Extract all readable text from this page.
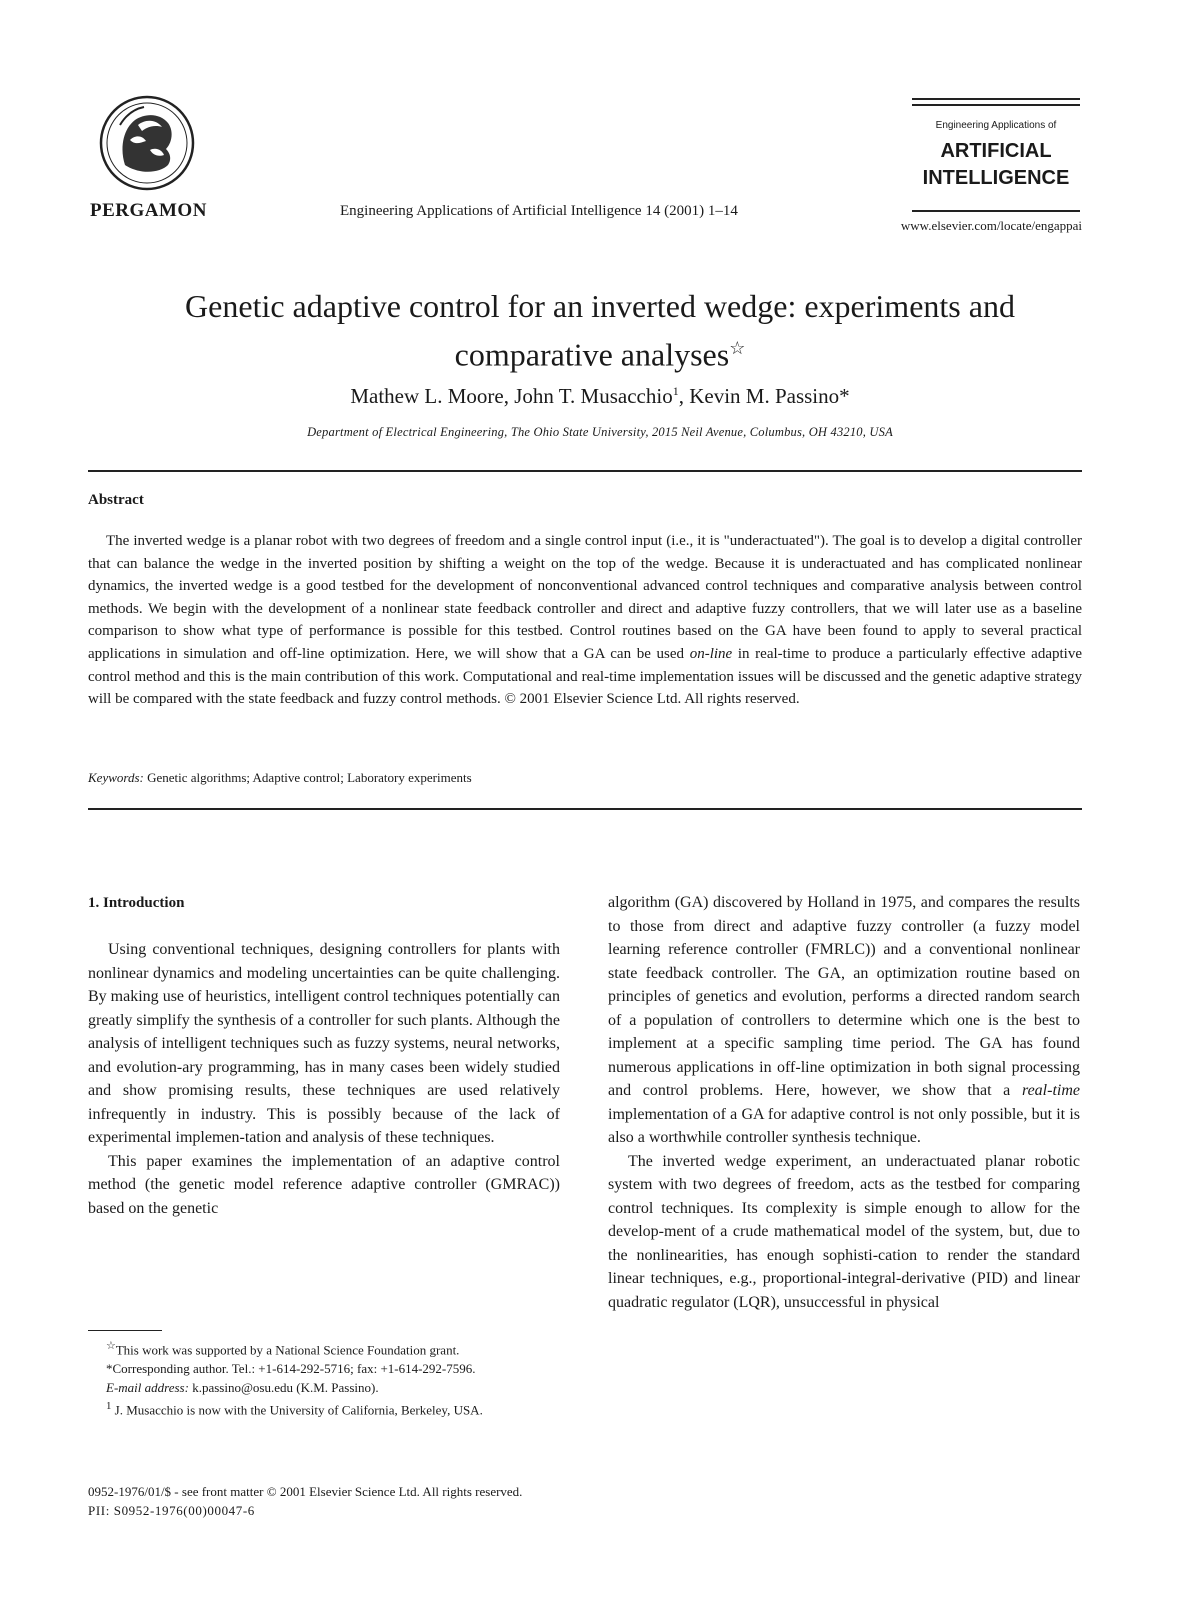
PERGAMON	Engineering Applications of Artificial Intelligence 14 (2001) 1–14
Engineering Applications of
ARTIFICIAL
INTELLIGENCE
www.elsevier.com/locate/engappai
Genetic adaptive control for an inverted wedge: experiments and
comparative analyses☆
Mathew L. Moore, John T. Musacchio$^1$, Kevin M. Passino*
Department of Electrical Engineering, The Ohio State University, 2015 Neil Avenue, Columbus, OH 43210, USA
Abstract
The inverted wedge is a planar robot with two degrees of freedom and a single control input (i.e., it is "underactuated"). The goal is to develop a digital controller that can balance the wedge in the inverted position by shifting a weight on the top of the wedge. Because it is underactuated and has complicated nonlinear dynamics, the inverted wedge is a good testbed for the development of nonconventional advanced control techniques and comparative analysis between control methods. We begin with the development of a nonlinear state feedback controller and direct and adaptive fuzzy controllers, that we will later use as a baseline comparison to show what type of performance is possible for this testbed. Control routines based on the GA have been found to apply to several practical applications in simulation and off-line optimization. Here, we will show that a GA can be used on-line in real-time to produce a particularly effective adaptive control method and this is the main contribution of this work. Computational and real-time implementation issues will be discussed and the genetic adaptive strategy will be compared with the state feedback and fuzzy control methods. © 2001 Elsevier Science Ltd. All rights reserved.
Keywords: Genetic algorithms; Adaptive control; Laboratory experiments
1. Introduction

Using conventional techniques, designing controllers for plants with nonlinear dynamics and modeling uncertainties can be quite challenging. By making use of heuristics, intelligent control techniques potentially can greatly simplify the synthesis of a controller for such plants. Although the analysis of intelligent techniques such as fuzzy systems, neural networks, and evolution-ary programming, has in many cases been widely studied and show promising results, these techniques are used relatively infrequently in industry. This is possibly because of the lack of experimental implemen-tation and analysis of these techniques.

This paper examines the implementation of an adaptive control method (the genetic model reference adaptive controller (GMRAC)) based on the genetic

algorithm (GA) discovered by Holland in 1975, and compares the results to those from direct and adaptive fuzzy controller (a fuzzy model learning reference controller (FMRLC)) and a conventional nonlinear state feedback controller. The GA, an optimization routine based on principles of genetics and evolution, performs a directed random search of a population of controllers to determine which one is the best to implement at a specific sampling time period. The GA has found numerous applications in off-line optimization in both signal processing and control problems. Here, however, we show that a real-time implementation of a GA for adaptive control is not only possible, but it is also a worthwhile controller synthesis technique.

The inverted wedge experiment, an underactuated planar robotic system with two degrees of freedom, acts as the testbed for comparing control techniques. Its complexity is simple enough to allow for the develop-ment of a crude mathematical model of the system, but, due to the nonlinearities, has enough sophisti-cation to render the standard linear techniques, e.g., proportional-integral-derivative (PID) and linear quadratic regulator (LQR), unsuccessful in physical

☆This work was supported by a National Science Foundation grant.
*Corresponding author. Tel.: +1-614-292-5716; fax: +1-614-292-7596.
E-mail address: k.passino@osu.edu (K.M. Passino).
$^1$ J. Musacchio is now with the University of California, Berkeley, USA.
0952-1976/01/$ - see front matter © 2001 Elsevier Science Ltd. All rights reserved.
PII: S0952-1976(00)00047-6
